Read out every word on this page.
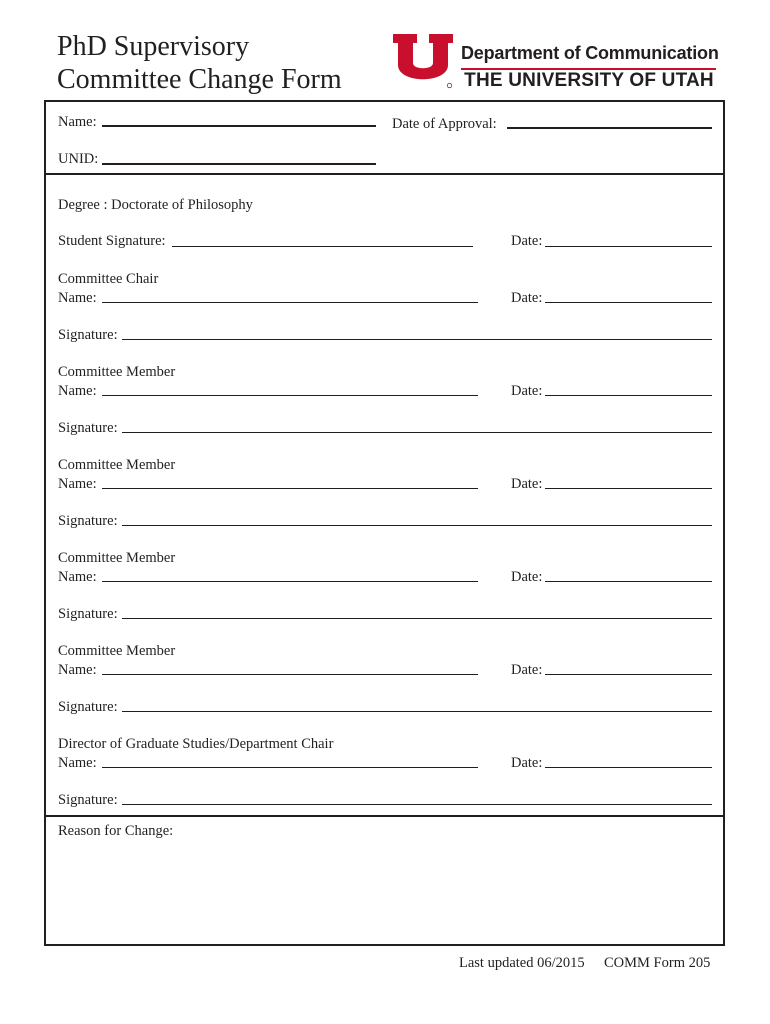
PhD Supervisory
Committee Change Form
Department of Communication
THE UNIVERSITY OF UTAH
Name:	Date of Approval:
UNID:
Degree : Doctorate of Philosophy
Student Signature:	Date:
Committee Chair
Name:	Date:
Signature:
Committee Member
Name:	Date:
Signature:
Committee Member
Name:	Date:
Signature:
Committee Member
Name:	Date:
Signature:
Committee Member
Name:	Date:
Signature:
Director of Graduate Studies/Department Chair
Name:	Date:
Signature:
Reason for Change:
Last updated 06/2015 COMM Form 205
